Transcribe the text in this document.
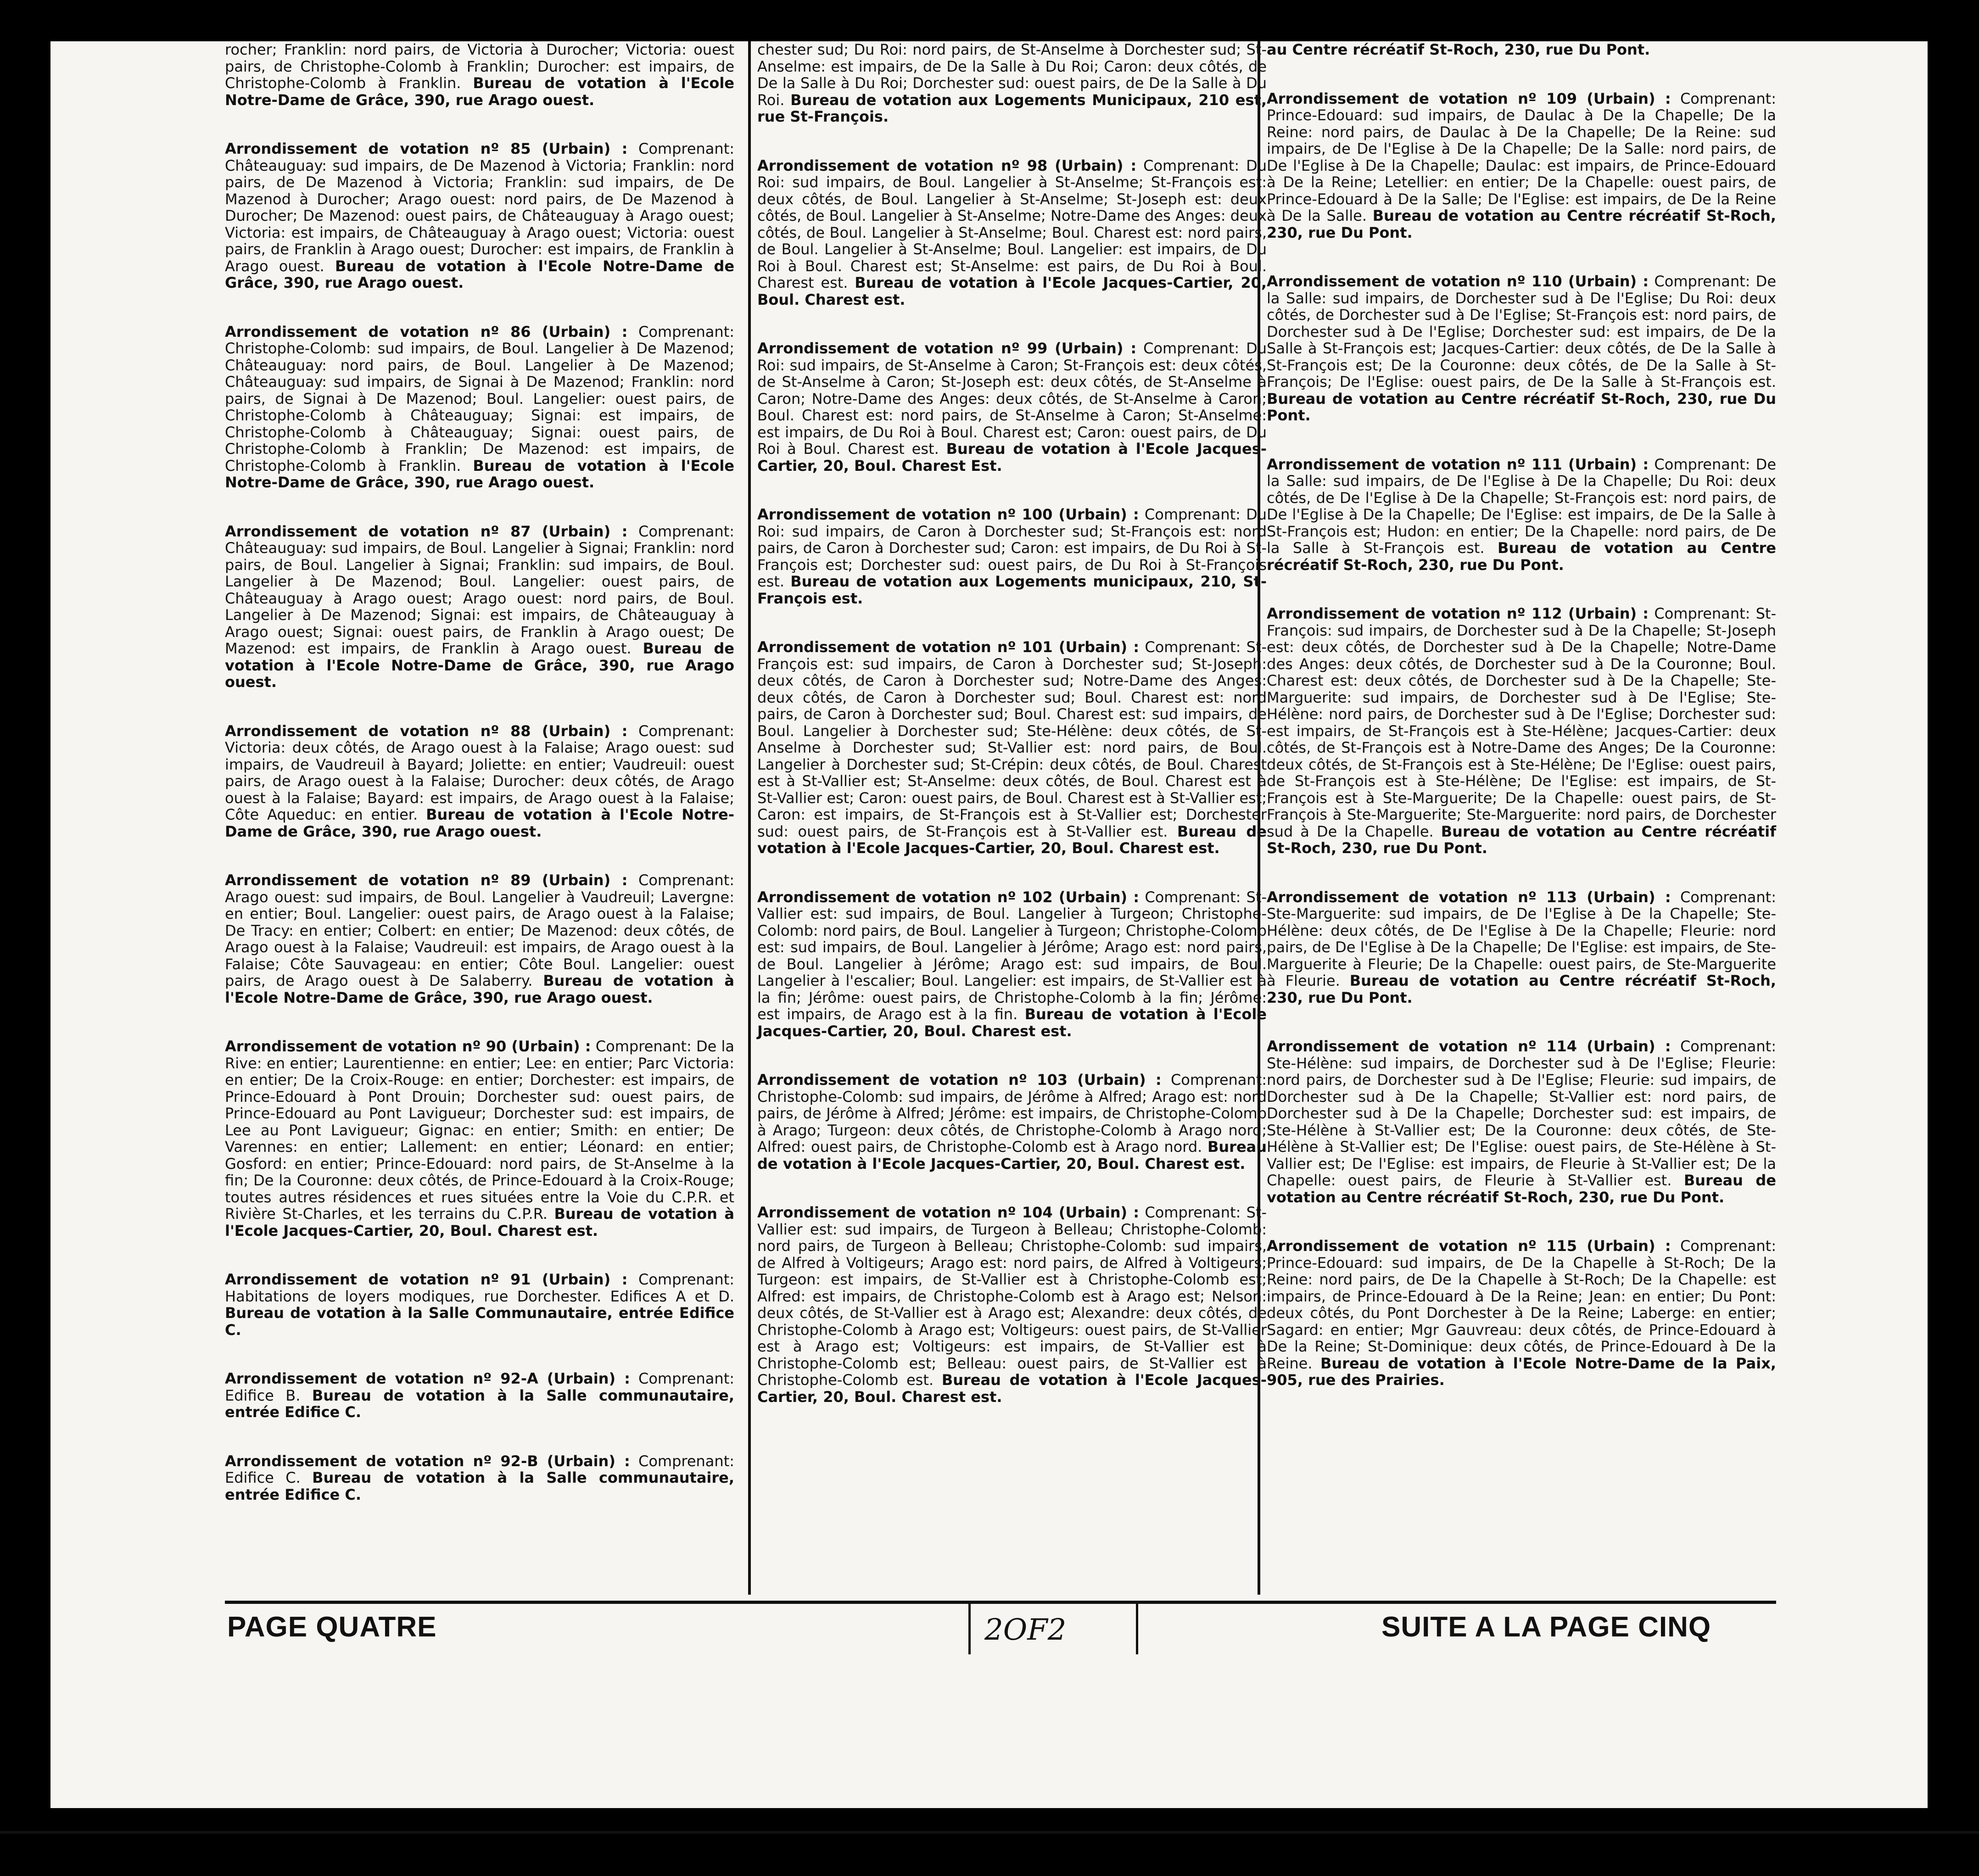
rocher; Franklin: nord pairs, de Victoria à Durocher; Victoria: ouest pairs, de Christophe-Colomb à Franklin; Durocher: est impairs, de Christophe-Colomb à Franklin. Bureau de votation à l'Ecole Notre-Dame de Grâce, 390, rue Arago ouest.

Arrondissement de votation nº 85 (Urbain) : Comprenant: Châteauguay: sud impairs, de De Mazenod à Victoria; Franklin: nord pairs, de De Mazenod à Victoria; Franklin: sud impairs, de De Mazenod à Durocher; Arago ouest: nord pairs, de De Mazenod à Durocher; De Mazenod: ouest pairs, de Châteauguay à Arago ouest; Victoria: est impairs, de Châteauguay à Arago ouest; Victoria: ouest pairs, de Franklin à Arago ouest; Durocher: est impairs, de Franklin à Arago ouest. Bureau de votation à l'Ecole Notre-Dame de Grâce, 390, rue Arago ouest.

Arrondissement de votation nº 86 (Urbain) : Comprenant: Christophe-Colomb: sud impairs, de Boul. Langelier à De Mazenod; Châteauguay: nord pairs, de Boul. Langelier à De Mazenod; Châteauguay: sud impairs, de Signai à De Mazenod; Franklin: nord pairs, de Signai à De Mazenod; Boul. Langelier: ouest pairs, de Christophe-Colomb à Châteauguay; Signai: est impairs, de Christophe-Colomb à Châteauguay; Signai: ouest pairs, de Christophe-Colomb à Franklin; De Mazenod: est impairs, de Christophe-Colomb à Franklin. Bureau de votation à l'Ecole Notre-Dame de Grâce, 390, rue Arago ouest.

Arrondissement de votation nº 87 (Urbain) : Comprenant: Châteauguay: sud impairs, de Boul. Langelier à Signai; Franklin: nord pairs, de Boul. Langelier à Signai; Franklin: sud impairs, de Boul. Langelier à De Mazenod; Boul. Langelier: ouest pairs, de Châteauguay à Arago ouest; Arago ouest: nord pairs, de Boul. Langelier à De Mazenod; Signai: est impairs, de Châteauguay à Arago ouest; Signai: ouest pairs, de Franklin à Arago ouest; De Mazenod: est impairs, de Franklin à Arago ouest. Bureau de votation à l'Ecole Notre-Dame de Grâce, 390, rue Arago ouest.

Arrondissement de votation nº 88 (Urbain) : Comprenant: Victoria: deux côtés, de Arago ouest à la Falaise; Arago ouest: sud impairs, de Vaudreuil à Bayard; Joliette: en entier; Vaudreuil: ouest pairs, de Arago ouest à la Falaise; Durocher: deux côtés, de Arago ouest à la Falaise; Bayard: est impairs, de Arago ouest à la Falaise; Côte Aqueduc: en entier. Bureau de votation à l'Ecole Notre-Dame de Grâce, 390, rue Arago ouest.

Arrondissement de votation nº 89 (Urbain) : Comprenant: Arago ouest: sud impairs, de Boul. Langelier à Vaudreuil; Lavergne: en entier; Boul. Langelier: ouest pairs, de Arago ouest à la Falaise; De Tracy: en entier; Colbert: en entier; De Mazenod: deux côtés, de Arago ouest à la Falaise; Vaudreuil: est impairs, de Arago ouest à la Falaise; Côte Sauvageau: en entier; Côte Boul. Langelier: ouest pairs, de Arago ouest à De Salaberry. Bureau de votation à l'Ecole Notre-Dame de Grâce, 390, rue Arago ouest.

Arrondissement de votation nº 90 (Urbain) : Comprenant: De la Rive: en entier; Laurentienne: en entier; Lee: en entier; Parc Victoria: en entier; De la Croix-Rouge: en entier; Dorchester: est impairs, de Prince-Edouard à Pont Drouin; Dorchester sud: ouest pairs, de Prince-Edouard au Pont Lavigueur; Dorchester sud: est impairs, de Lee au Pont Lavigueur; Gignac: en entier; Smith: en entier; De Varennes: en entier; Lallement: en entier; Léonard: en entier; Gosford: en entier; Prince-Edouard: nord pairs, de St-Anselme à la fin; De la Couronne: deux côtés, de Prince-Edouard à la Croix-Rouge; toutes autres résidences et rues situées entre la Voie du C.P.R. et Rivière St-Charles, et les terrains du C.P.R. Bureau de votation à l'Ecole Jacques-Cartier, 20, Boul. Charest est.

Arrondissement de votation nº 91 (Urbain) : Comprenant: Habitations de loyers modiques, rue Dorchester. Edifices A et D. Bureau de votation à la Salle Communautaire, entrée Edifice C.

Arrondissement de votation nº 92-A (Urbain) : Comprenant: Edifice B. Bureau de votation à la Salle communautaire, entrée Edifice C.

Arrondissement de votation nº 92-B (Urbain) : Comprenant: Edifice C. Bureau de votation à la Salle communautaire, entrée Edifice C.

chester sud; Du Roi: nord pairs, de St-Anselme à Dorchester sud; St-Anselme: est impairs, de De la Salle à Du Roi; Caron: deux côtés, de De la Salle à Du Roi; Dorchester sud: ouest pairs, de De la Salle à Du Roi. Bureau de votation aux Logements Municipaux, 210 est, rue St-François.

Arrondissement de votation nº 98 (Urbain) : Comprenant: Du Roi: sud impairs, de Boul. Langelier à St-Anselme; St-François est: deux côtés, de Boul. Langelier à St-Anselme; St-Joseph est: deux côtés, de Boul. Langelier à St-Anselme; Notre-Dame des Anges: deux côtés, de Boul. Langelier à St-Anselme; Boul. Charest est: nord pairs, de Boul. Langelier à St-Anselme; Boul. Langelier: est impairs, de Du Roi à Boul. Charest est; St-Anselme: est pairs, de Du Roi à Boul. Charest est. Bureau de votation à l'Ecole Jacques-Cartier, 20, Boul. Charest est.

Arrondissement de votation nº 99 (Urbain) : Comprenant: Du Roi: sud impairs, de St-Anselme à Caron; St-François est: deux côtés, de St-Anselme à Caron; St-Joseph est: deux côtés, de St-Anselme à Caron; Notre-Dame des Anges: deux côtés, de St-Anselme à Caron; Boul. Charest est: nord pairs, de St-Anselme à Caron; St-Anselme: est impairs, de Du Roi à Boul. Charest est; Caron: ouest pairs, de Du Roi à Boul. Charest est. Bureau de votation à l'Ecole Jacques-Cartier, 20, Boul. Charest Est.

Arrondissement de votation nº 100 (Urbain) : Comprenant: Du Roi: sud impairs, de Caron à Dorchester sud; St-François est: nord pairs, de Caron à Dorchester sud; Caron: est impairs, de Du Roi à St-François est; Dorchester sud: ouest pairs, de Du Roi à St-François est. Bureau de votation aux Logements municipaux, 210, St-François est.

Arrondissement de votation nº 101 (Urbain) : Comprenant: St-François est: sud impairs, de Caron à Dorchester sud; St-Joseph: deux côtés, de Caron à Dorchester sud; Notre-Dame des Anges: deux côtés, de Caron à Dorchester sud; Boul. Charest est: nord pairs, de Caron à Dorchester sud; Boul. Charest est: sud impairs, de Boul. Langelier à Dorchester sud; Ste-Hélène: deux côtés, de St-Anselme à Dorchester sud; St-Vallier est: nord pairs, de Boul. Langelier à Dorchester sud; St-Crépin: deux côtés, de Boul. Charest est à St-Vallier est; St-Anselme: deux côtés, de Boul. Charest est à St-Vallier est; Caron: ouest pairs, de Boul. Charest est à St-Vallier est; Caron: est impairs, de St-François est à St-Vallier est; Dorchester sud: ouest pairs, de St-François est à St-Vallier est. Bureau de votation à l'Ecole Jacques-Cartier, 20, Boul. Charest est.

Arrondissement de votation nº 102 (Urbain) : Comprenant: St-Vallier est: sud impairs, de Boul. Langelier à Turgeon; Christophe-Colomb: nord pairs, de Boul. Langelier à Turgeon; Christophe-Colomb est: sud impairs, de Boul. Langelier à Jérôme; Arago est: nord pairs, de Boul. Langelier à Jérôme; Arago est: sud impairs, de Boul. Langelier à l'escalier; Boul. Langelier: est impairs, de St-Vallier est à la fin; Jérôme: ouest pairs, de Christophe-Colomb à la fin; Jérôme: est impairs, de Arago est à la fin. Bureau de votation à l'Ecole Jacques-Cartier, 20, Boul. Charest est.

Arrondissement de votation nº 103 (Urbain) : Comprenant: Christophe-Colomb: sud impairs, de Jérôme à Alfred; Arago est: nord pairs, de Jérôme à Alfred; Jérôme: est impairs, de Christophe-Colomb à Arago; Turgeon: deux côtés, de Christophe-Colomb à Arago nord; Alfred: ouest pairs, de Christophe-Colomb est à Arago nord. Bureau de votation à l'Ecole Jacques-Cartier, 20, Boul. Charest est.

Arrondissement de votation nº 104 (Urbain) : Comprenant: St-Vallier est: sud impairs, de Turgeon à Belleau; Christophe-Colomb: nord pairs, de Turgeon à Belleau; Christophe-Colomb: sud impairs, de Alfred à Voltigeurs; Arago est: nord pairs, de Alfred à Voltigeurs; Turgeon: est impairs, de St-Vallier est à Christophe-Colomb est; Alfred: est impairs, de Christophe-Colomb est à Arago est; Nelson: deux côtés, de St-Vallier est à Arago est; Alexandre: deux côtés, de Christophe-Colomb à Arago est; Voltigeurs: ouest pairs, de St-Vallier est à Arago est; Voltigeurs: est impairs, de St-Vallier est à Christophe-Colomb est; Belleau: ouest pairs, de St-Vallier est à Christophe-Colomb est. Bureau de votation à l'Ecole Jacques-Cartier, 20, Boul. Charest est.

au Centre récréatif St-Roch, 230, rue Du Pont.

Arrondissement de votation nº 109 (Urbain) : Comprenant: Prince-Edouard: sud impairs, de Daulac à De la Chapelle; De la Reine: nord pairs, de Daulac à De la Chapelle; De la Reine: sud impairs, de De l'Eglise à De la Chapelle; De la Salle: nord pairs, de De l'Eglise à De la Chapelle; Daulac: est impairs, de Prince-Edouard à De la Reine; Letellier: en entier; De la Chapelle: ouest pairs, de Prince-Edouard à De la Salle; De l'Eglise: est impairs, de De la Reine à De la Salle. Bureau de votation au Centre récréatif St-Roch, 230, rue Du Pont.

Arrondissement de votation nº 110 (Urbain) : Comprenant: De la Salle: sud impairs, de Dorchester sud à De l'Eglise; Du Roi: deux côtés, de Dorchester sud à De l'Eglise; St-François est: nord pairs, de Dorchester sud à De l'Eglise; Dorchester sud: est impairs, de De la Salle à St-François est; Jacques-Cartier: deux côtés, de De la Salle à St-François est; De la Couronne: deux côtés, de De la Salle à St-François; De l'Eglise: ouest pairs, de De la Salle à St-François est. Bureau de votation au Centre récréatif St-Roch, 230, rue Du Pont.

Arrondissement de votation nº 111 (Urbain) : Comprenant: De la Salle: sud impairs, de De l'Eglise à De la Chapelle; Du Roi: deux côtés, de De l'Eglise à De la Chapelle; St-François est: nord pairs, de De l'Eglise à De la Chapelle; De l'Eglise: est impairs, de De la Salle à St-François est; Hudon: en entier; De la Chapelle: nord pairs, de De la Salle à St-François est. Bureau de votation au Centre récréatif St-Roch, 230, rue Du Pont.

Arrondissement de votation nº 112 (Urbain) : Comprenant: St-François: sud impairs, de Dorchester sud à De la Chapelle; St-Joseph est: deux côtés, de Dorchester sud à De la Chapelle; Notre-Dame des Anges: deux côtés, de Dorchester sud à De la Couronne; Boul. Charest est: deux côtés, de Dorchester sud à De la Chapelle; Ste-Marguerite: sud impairs, de Dorchester sud à De l'Eglise; Ste-Hélène: nord pairs, de Dorchester sud à De l'Eglise; Dorchester sud: est impairs, de St-François est à Ste-Hélène; Jacques-Cartier: deux côtés, de St-François est à Notre-Dame des Anges; De la Couronne: deux côtés, de St-François est à Ste-Hélène; De l'Eglise: ouest pairs, de St-François est à Ste-Hélène; De l'Eglise: est impairs, de St-François est à Ste-Marguerite; De la Chapelle: ouest pairs, de St-François à Ste-Marguerite; Ste-Marguerite: nord pairs, de Dorchester sud à De la Chapelle. Bureau de votation au Centre récréatif St-Roch, 230, rue Du Pont.

Arrondissement de votation nº 113 (Urbain) : Comprenant: Ste-Marguerite: sud impairs, de De l'Eglise à De la Chapelle; Ste-Hélène: deux côtés, de De l'Eglise à De la Chapelle; Fleurie: nord pairs, de De l'Eglise à De la Chapelle; De l'Eglise: est impairs, de Ste-Marguerite à Fleurie; De la Chapelle: ouest pairs, de Ste-Marguerite à Fleurie. Bureau de votation au Centre récréatif St-Roch, 230, rue Du Pont.

Arrondissement de votation nº 114 (Urbain) : Comprenant: Ste-Hélène: sud impairs, de Dorchester sud à De l'Eglise; Fleurie: nord pairs, de Dorchester sud à De l'Eglise; Fleurie: sud impairs, de Dorchester sud à De la Chapelle; St-Vallier est: nord pairs, de Dorchester sud à De la Chapelle; Dorchester sud: est impairs, de Ste-Hélène à St-Vallier est; De la Couronne: deux côtés, de Ste-Hélène à St-Vallier est; De l'Eglise: ouest pairs, de Ste-Hélène à St-Vallier est; De l'Eglise: est impairs, de Fleurie à St-Vallier est; De la Chapelle: ouest pairs, de Fleurie à St-Vallier est. Bureau de votation au Centre récréatif St-Roch, 230, rue Du Pont.

Arrondissement de votation nº 115 (Urbain) : Comprenant: Prince-Edouard: sud impairs, de De la Chapelle à St-Roch; De la Reine: nord pairs, de De la Chapelle à St-Roch; De la Chapelle: est impairs, de Prince-Edouard à De la Reine; Jean: en entier; Du Pont: deux côtés, du Pont Dorchester à De la Reine; Laberge: en entier; Sagard: en entier; Mgr Gauvreau: deux côtés, de Prince-Edouard à De la Reine; St-Dominique: deux côtés, de Prince-Edouard à De la Reine. Bureau de votation à l'Ecole Notre-Dame de la Paix, 905, rue des Prairies.

PAGE QUATRE	2OF2	SUITE A LA PAGE CINQ
